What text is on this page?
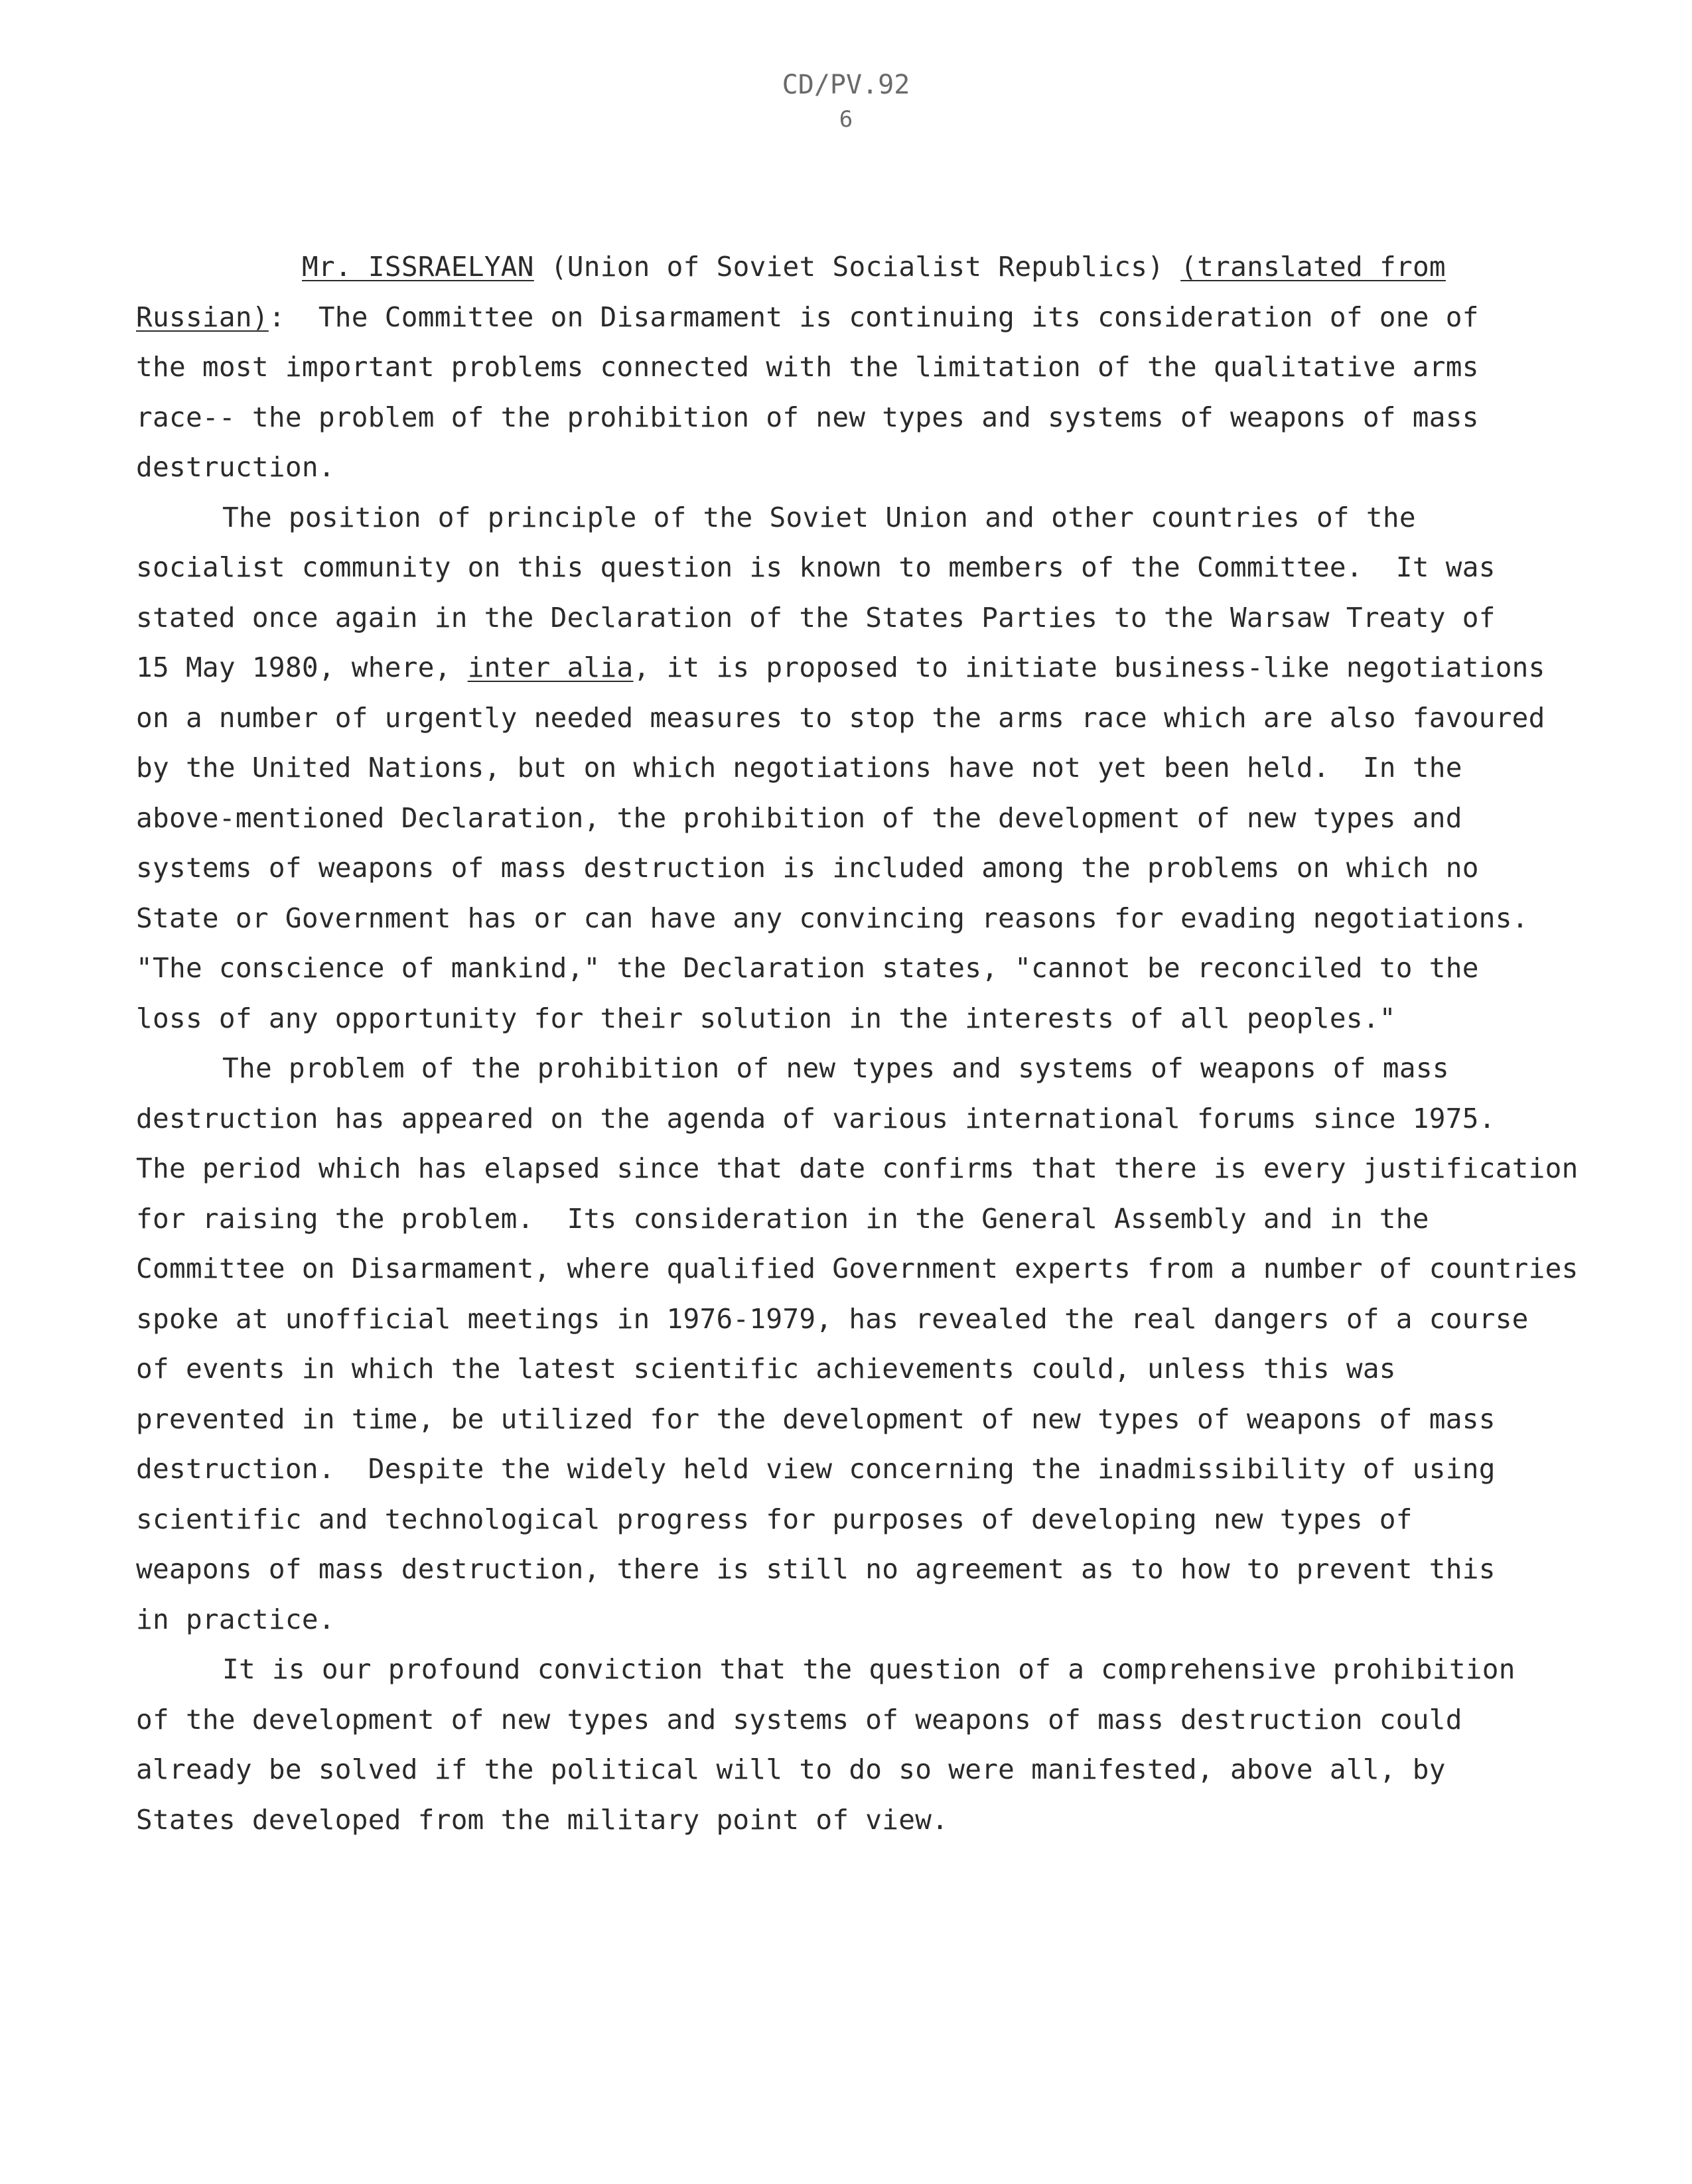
CD/PV.92
6
Mr. ISSRAELYAN (Union of Soviet Socialist Republics) (translated from
Russian):  The Committee on Disarmament is continuing its consideration of one of
the most important problems connected with the limitation of the qualitative arms
race-- the problem of the prohibition of new types and systems of weapons of mass
destruction.
The position of principle of the Soviet Union and other countries of the
socialist community on this question is known to members of the Committee.  It was
stated once again in the Declaration of the States Parties to the Warsaw Treaty of
15 May 1980, where, inter alia, it is proposed to initiate business-like negotiations
on a number of urgently needed measures to stop the arms race which are also favoured
by the United Nations, but on which negotiations have not yet been held.  In the
above-mentioned Declaration, the prohibition of the development of new types and
systems of weapons of mass destruction is included among the problems on which no
State or Government has or can have any convincing reasons for evading negotiations.
"The conscience of mankind," the Declaration states, "cannot be reconciled to the
loss of any opportunity for their solution in the interests of all peoples."
The problem of the prohibition of new types and systems of weapons of mass
destruction has appeared on the agenda of various international forums since 1975.
The period which has elapsed since that date confirms that there is every justification
for raising the problem.  Its consideration in the General Assembly and in the
Committee on Disarmament, where qualified Government experts from a number of countries
spoke at unofficial meetings in 1976-1979, has revealed the real dangers of a course
of events in which the latest scientific achievements could, unless this was
prevented in time, be utilized for the development of new types of weapons of mass
destruction.  Despite the widely held view concerning the inadmissibility of using
scientific and technological progress for purposes of developing new types of
weapons of mass destruction, there is still no agreement as to how to prevent this
in practice.
It is our profound conviction that the question of a comprehensive prohibition
of the development of new types and systems of weapons of mass destruction could
already be solved if the political will to do so were manifested, above all, by
States developed from the military point of view.
